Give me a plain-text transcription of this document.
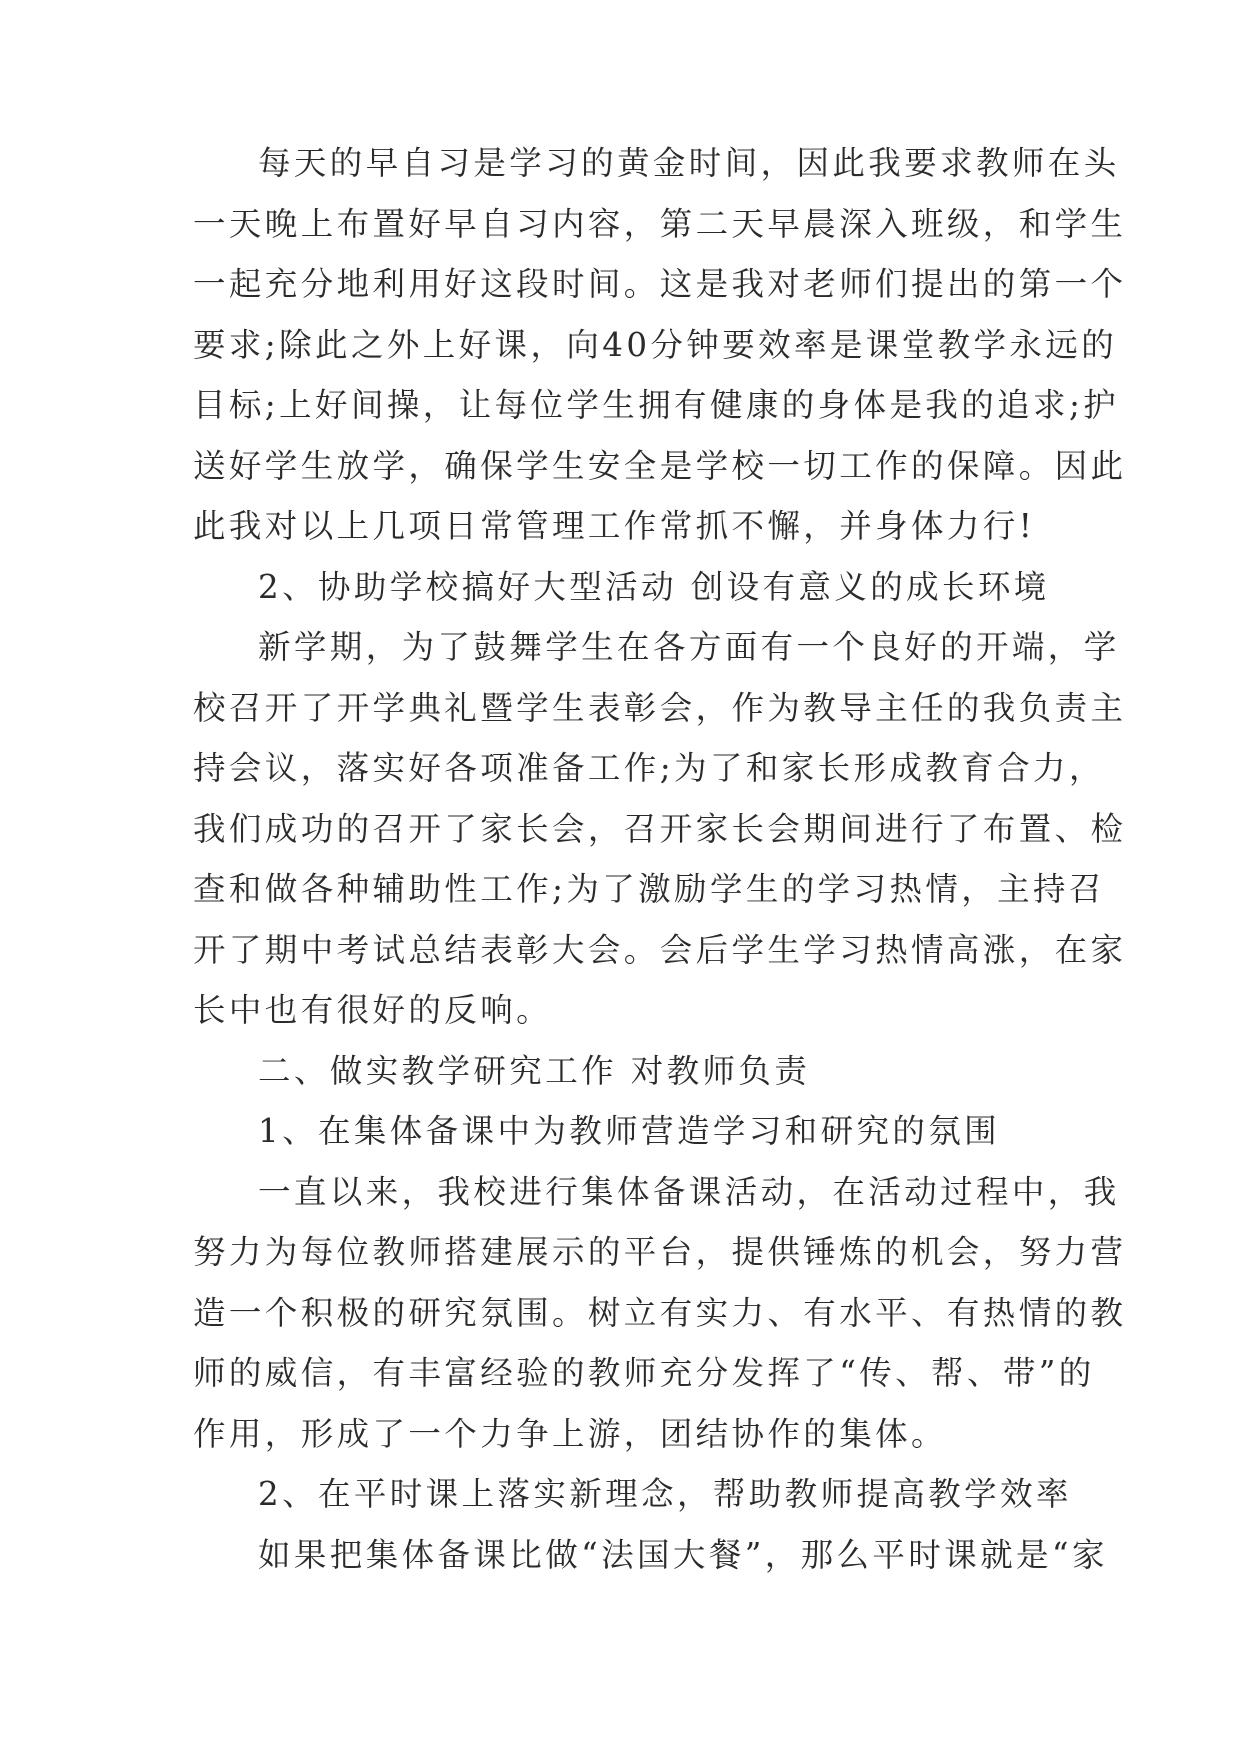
每天的早自习是学习的黄金时间，因此我要求教师在头
一天晚上布置好早自习内容，第二天早晨深入班级，和学生
一起充分地利用好这段时间。这是我对老师们提出的第一个
要求;除此之外上好课，向40分钟要效率是课堂教学永远的
目标;上好间操，让每位学生拥有健康的身体是我的追求;护
送好学生放学，确保学生安全是学校一切工作的保障。因此
此我对以上几项日常管理工作常抓不懈，并身体力行!
2、协助学校搞好大型活动 创设有意义的成长环境
新学期，为了鼓舞学生在各方面有一个良好的开端，学
校召开了开学典礼暨学生表彰会，作为教导主任的我负责主
持会议，落实好各项准备工作;为了和家长形成教育合力，
我们成功的召开了家长会，召开家长会期间进行了布置、检
查和做各种辅助性工作;为了激励学生的学习热情，主持召
开了期中考试总结表彰大会。会后学生学习热情高涨，在家
长中也有很好的反响。
二、做实教学研究工作 对教师负责
1、在集体备课中为教师营造学习和研究的氛围
一直以来，我校进行集体备课活动，在活动过程中，我
努力为每位教师搭建展示的平台，提供锤炼的机会，努力营
造一个积极的研究氛围。树立有实力、有水平、有热情的教
师的威信，有丰富经验的教师充分发挥了“传、帮、带”的
作用，形成了一个力争上游，团结协作的集体。
2、在平时课上落实新理念，帮助教师提高教学效率
如果把集体备课比做“法国大餐”，那么平时课就是“家
